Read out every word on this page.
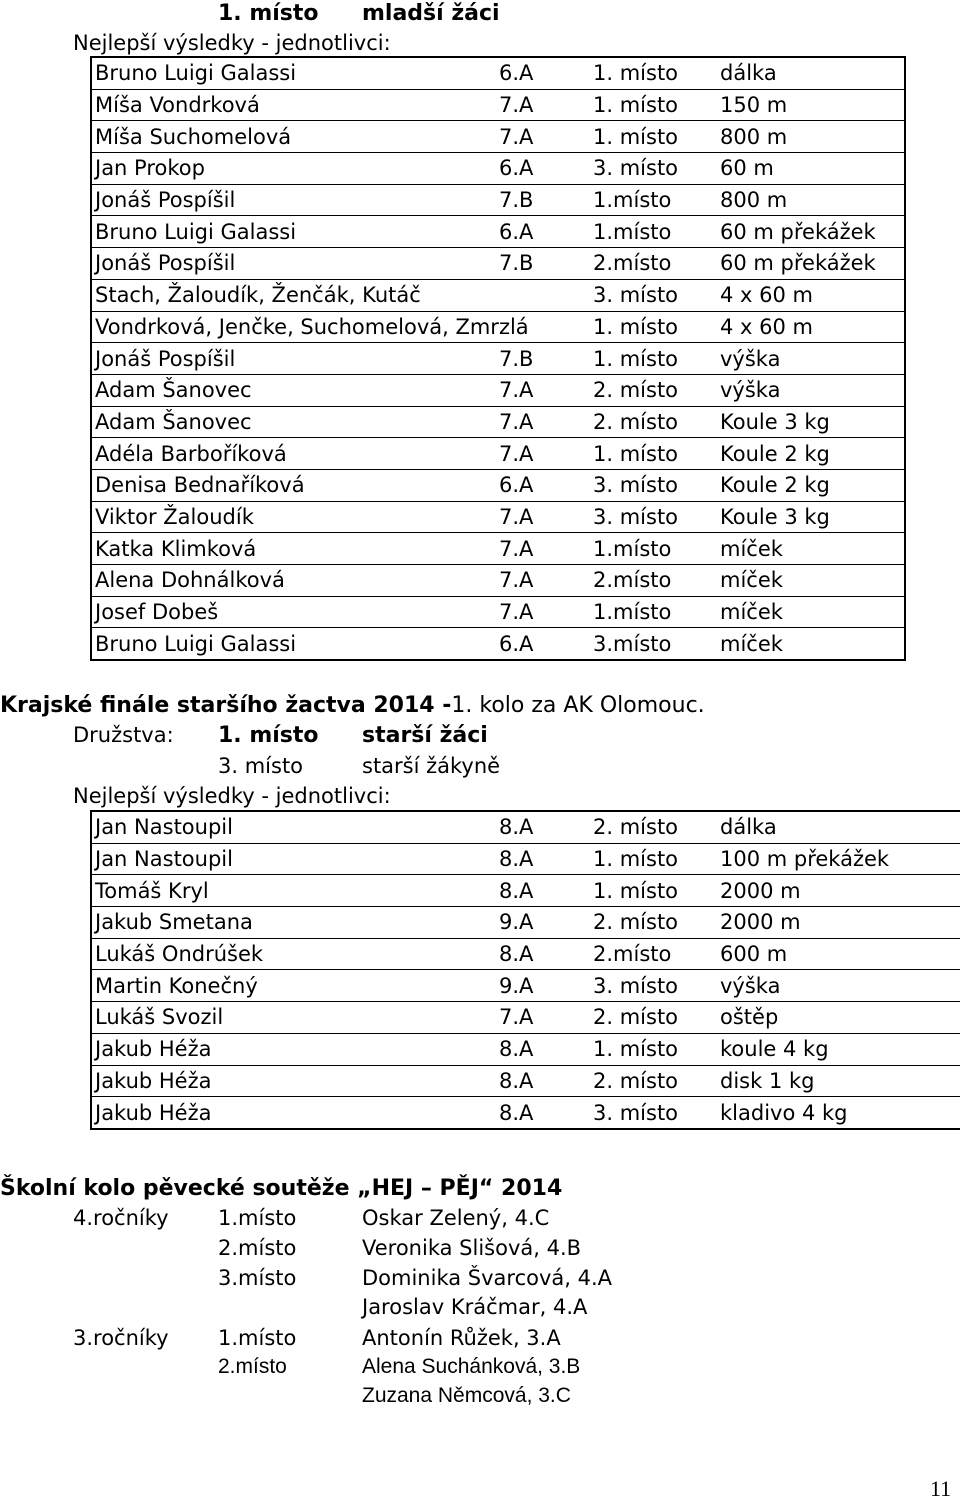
1. místo mladší žáci
Nejlepší výsledky - jednotlivci:
Bruno Luigi Galassi	6.A	1. místo	dálka
Míša Vondrková	7.A	1. místo	150 m
Míša Suchomelová	7.A	1. místo	800 m
Jan Prokop	6.A	3. místo	60 m
Jonáš Pospíšil	7.B	1.místo	800 m
Bruno Luigi Galassi	6.A	1.místo	60 m překážek
Jonáš Pospíšil	7.B	2.místo	60 m překážek
Stach, Žaloudík, Ženčák, Kutáč		3. místo	4 x 60 m
Vondrková, Jenčke, Suchomelová, Zmrzlá		1. místo	4 x 60 m
Jonáš Pospíšil	7.B	1. místo	výška
Adam Šanovec	7.A	2. místo	výška
Adam Šanovec	7.A	2. místo	Koule 3 kg
Adéla Barboříková	7.A	1. místo	Koule 2 kg
Denisa Bednaříková	6.A	3. místo	Koule 2 kg
Viktor Žaloudík	7.A	3. místo	Koule 3 kg
Katka Klimková	7.A	1.místo	míček
Alena Dohnálková	7.A	2.místo	míček
Josef Dobeš	7.A	1.místo	míček
Bruno Luigi Galassi	6.A	3.místo	míček
Krajské finále staršího žactva 2014 -1. kolo za AK Olomouc.
Družstva: 1. místo starší žáci
3. místo	starší žákyně
Nejlepší výsledky - jednotlivci:
Jan Nastoupil	8.A	2. místo	dálka
Jan Nastoupil	8.A	1. místo	100 m překážek
Tomáš Kryl	8.A	1. místo	2000 m
Jakub Smetana	9.A	2. místo	2000 m
Lukáš Ondrúšek	8.A	2.místo	600 m
Martin Konečný	9.A	3. místo	výška
Lukáš Svozil	7.A	2. místo	oštěp
Jakub Héža	8.A	1. místo	koule 4 kg
Jakub Héža	8.A	2. místo	disk 1 kg
Jakub Héža	8.A	3. místo	kladivo 4 kg
Školní kolo pěvecké soutěže „HEJ – PĚJ“ 2014
4.ročníky 1.místo	Oskar Zelený, 4.C
2.místo	Veronika Slišová, 4.B
3.místo	Dominika Švarcová, 4.A
Jaroslav Kráčmar, 4.A
3.ročníky 1.místo	Antonín Růžek, 3.A
2.místo	Alena Suchánková, 3.B
Zuzana Němcová, 3.C
11
